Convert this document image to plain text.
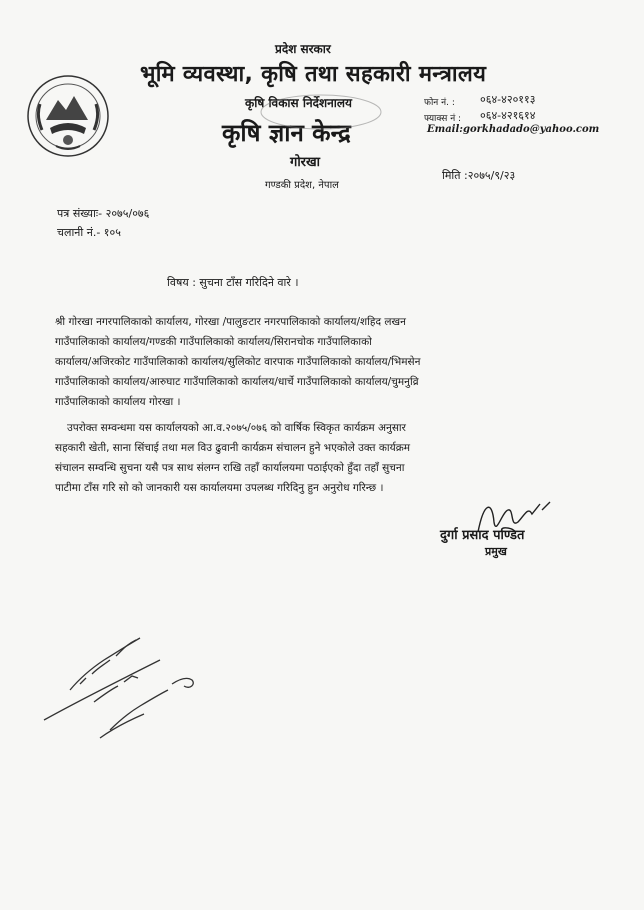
प्रदेश सरकार
भूमि व्यवस्था, कृषि तथा सहकारी मन्त्रालय
कृषि विकास निर्देशनालय
कृषि ज्ञान केन्द्र
गोरखा
गण्डकी प्रदेश, नेपाल
फोन नं. : ०६४-४२०११३
फ्याक्स नं : ०६४-४२१६१४
Email:gorkhadado@yahoo.com
मिति :२०७५/९/२३
पत्र संख्याः- २०७५/०७६
चलानी नं.- १०५
विषय : सुचना टाँस गरिदिने वारे ।
श्री गोरखा नगरपालिकाको कार्यालय, गोरखा /पालुङटार नगरपालिकाको कार्यालय/शहिद लखन
गाउँपालिकाको कार्यालय/गण्डकी गाउँपालिकाको कार्यालय/सिरानचोक गाउँपालिकाको
कार्यालय/अजिरकोट गाउँपालिकाको कार्यालय/सुलिकोट वारपाक गाउँपालिकाको कार्यालय/भिमसेन
गाउँपालिकाको कार्यालय/आरुघाट गाउँपालिकाको कार्यालय/धार्चे गाउँपालिकाको कार्यालय/चुमनुव्रि
गाउँपालिकाको कार्यालय गोरखा ।
उपरोक्त सम्वन्धमा यस कार्यालयको आ.व.२०७५/०७६ को वार्षिक स्विकृत कार्यक्रम अनुसार
सहकारी खेती, साना सिंचाई तथा मल विउ ढुवानी कार्यक्रम संचालन हुने भएकोले उक्त कार्यक्रम
संचालन सम्वन्धि सुचना यसै पत्र साथ संलग्न राखि तहाँ कार्यालयमा पठाईएको हुँदा तहाँ सुचना
पाटीमा टाँस गरि सो को जानकारी यस कार्यालयमा उपलब्ध गरिदिनु हुन अनुरोध गरिन्छ ।
दुर्गा प्रसाद पण्डित
प्रमुख
